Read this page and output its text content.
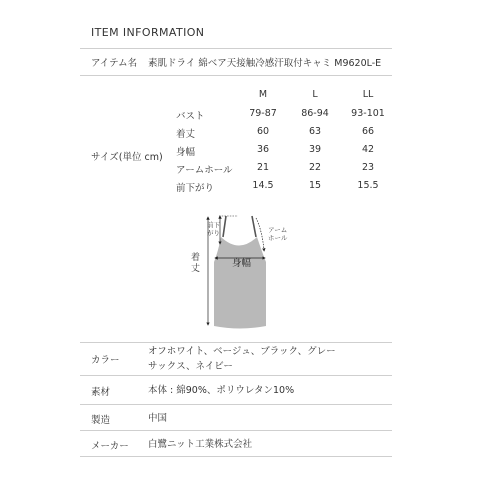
ITEM INFORMATION
アイテム名 素肌ドライ 綿ベア天接触冷感汗取付キャミ M9620L-E
サイズ(単位 cm)
M	L	LL
バスト	79-87	86-94	93-101
着丈	60	63	66
身幅	36	39	42
アームホール	21	22	23
前下がり	14.5	15	15.5
前下
がり	アーム
ホール
着
丈	身幅
カラー
オフホワイト、ベージュ、ブラック、グレー
サックス、ネイビー
素材	本体 : 綿90%、ポリウレタン10%
製造	中国
メーカー 白鷺ニット工業株式会社
